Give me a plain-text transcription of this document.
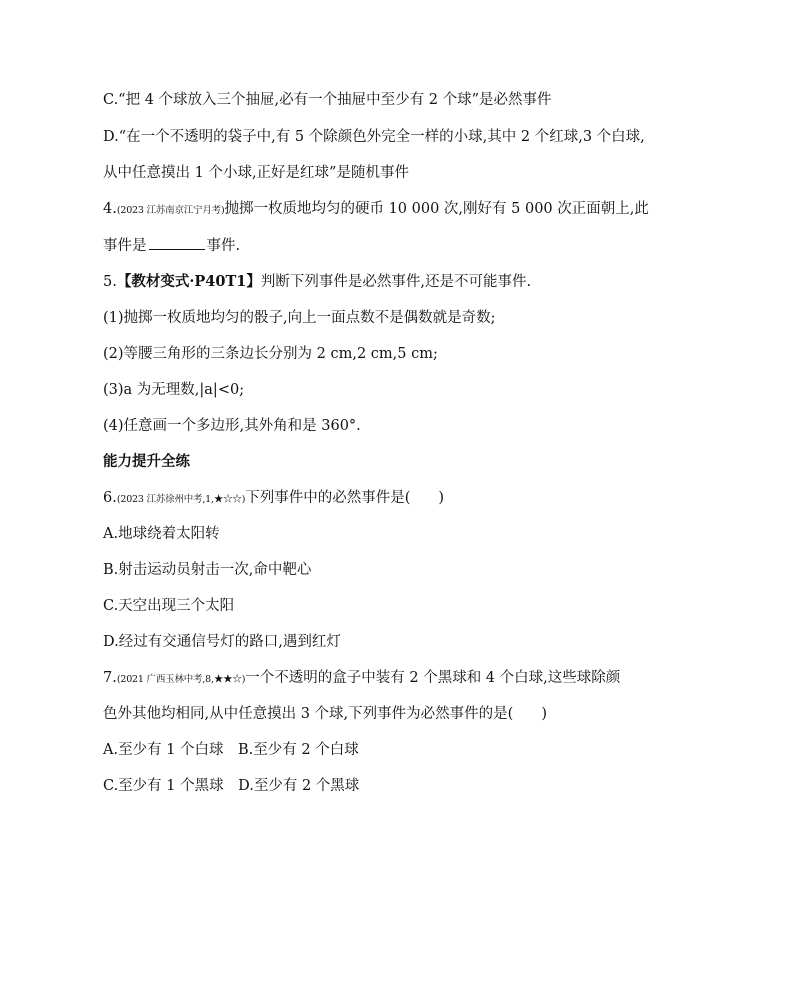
C.“把 4 个球放入三个抽屉,必有一个抽屉中至少有 2 个球”是必然事件
D.“在一个不透明的袋子中,有 5 个除颜色外完全一样的小球,其中 2 个红球,3 个白球,
从中任意摸出 1 个小球,正好是红球”是随机事件
4.(2023 江苏南京江宁月考)抛掷一枚质地均匀的硬币 10 000 次,刚好有 5 000 次正面朝上,此
事件是	事件.
5.【教材变式·P40T1】判断下列事件是必然事件,还是不可能事件.
(1)抛掷一枚质地均匀的骰子,向上一面点数不是偶数就是奇数;
(2)等腰三角形的三条边长分别为 2 cm,2 cm,5 cm;
(3)a 为无理数,|a|<0;
(4)任意画一个多边形,其外角和是 360°.
能力提升全练
6.(2023 江苏徐州中考,1,★☆☆)下列事件中的必然事件是( )
A.地球绕着太阳转
B.射击运动员射击一次,命中靶心
C.天空出现三个太阳
D.经过有交通信号灯的路口,遇到红灯
7.(2021 广西玉林中考,8,★★☆)一个不透明的盒子中装有 2 个黑球和 4 个白球,这些球除颜
色外其他均相同,从中任意摸出 3 个球,下列事件为必然事件的是( )
A.至少有 1 个白球　B.至少有 2 个白球
C.至少有 1 个黑球　D.至少有 2 个黑球
